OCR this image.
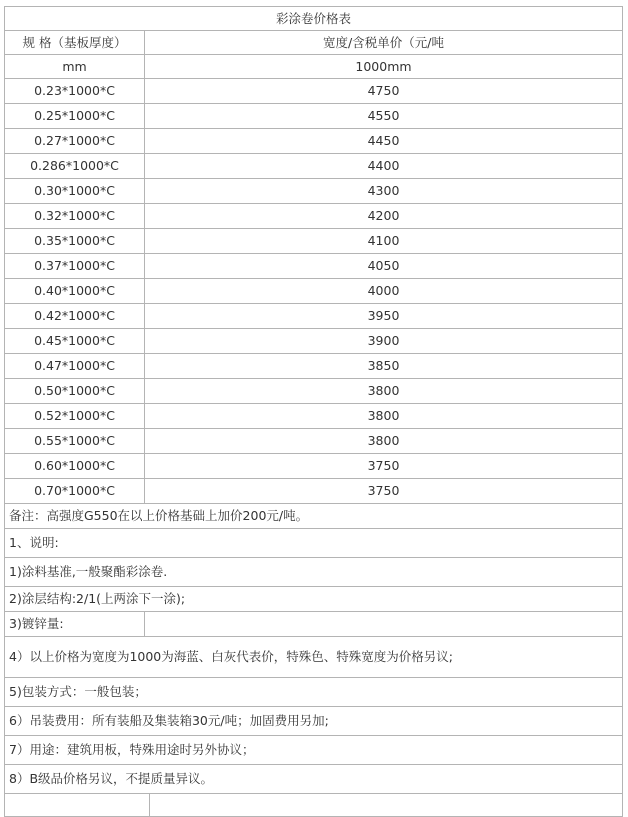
彩涂卷价格表		
规 格（基板厚度）	宽度/含税单价（元/吨	
mm	1000mm	
0.23*1000*C	4750	
0.25*1000*C	4550	
0.27*1000*C	4450	
0.286*1000*C	4400	
0.30*1000*C	4300	
0.32*1000*C	4200	
0.35*1000*C	4100	
0.37*1000*C	4050	
0.40*1000*C	4000	
0.42*1000*C	3950	
0.45*1000*C	3900	
0.47*1000*C	3850	
0.50*1000*C	3800	
0.52*1000*C	3800	
0.55*1000*C	3800	
0.60*1000*C	3750	
0.70*1000*C	3750	
备注：高强度G550在以上价格基础上加价200元/吨。		
1、说明:		
1)涂料基准,一般聚酯彩涂卷.		
2)涂层结构:2/1(上两涂下一涂);		
3)镀锌量:		
4）以上价格为宽度为1000为海蓝、白灰代表价，特殊色、特殊宽度为价格另议;		
5)包装方式：一般包装；		
6）吊装费用：所有装船及集装箱30元/吨；加固费用另加;		
7）用途：建筑用板，特殊用途时另外协议；		
8）B级品价格另议，不提质量异议。		
